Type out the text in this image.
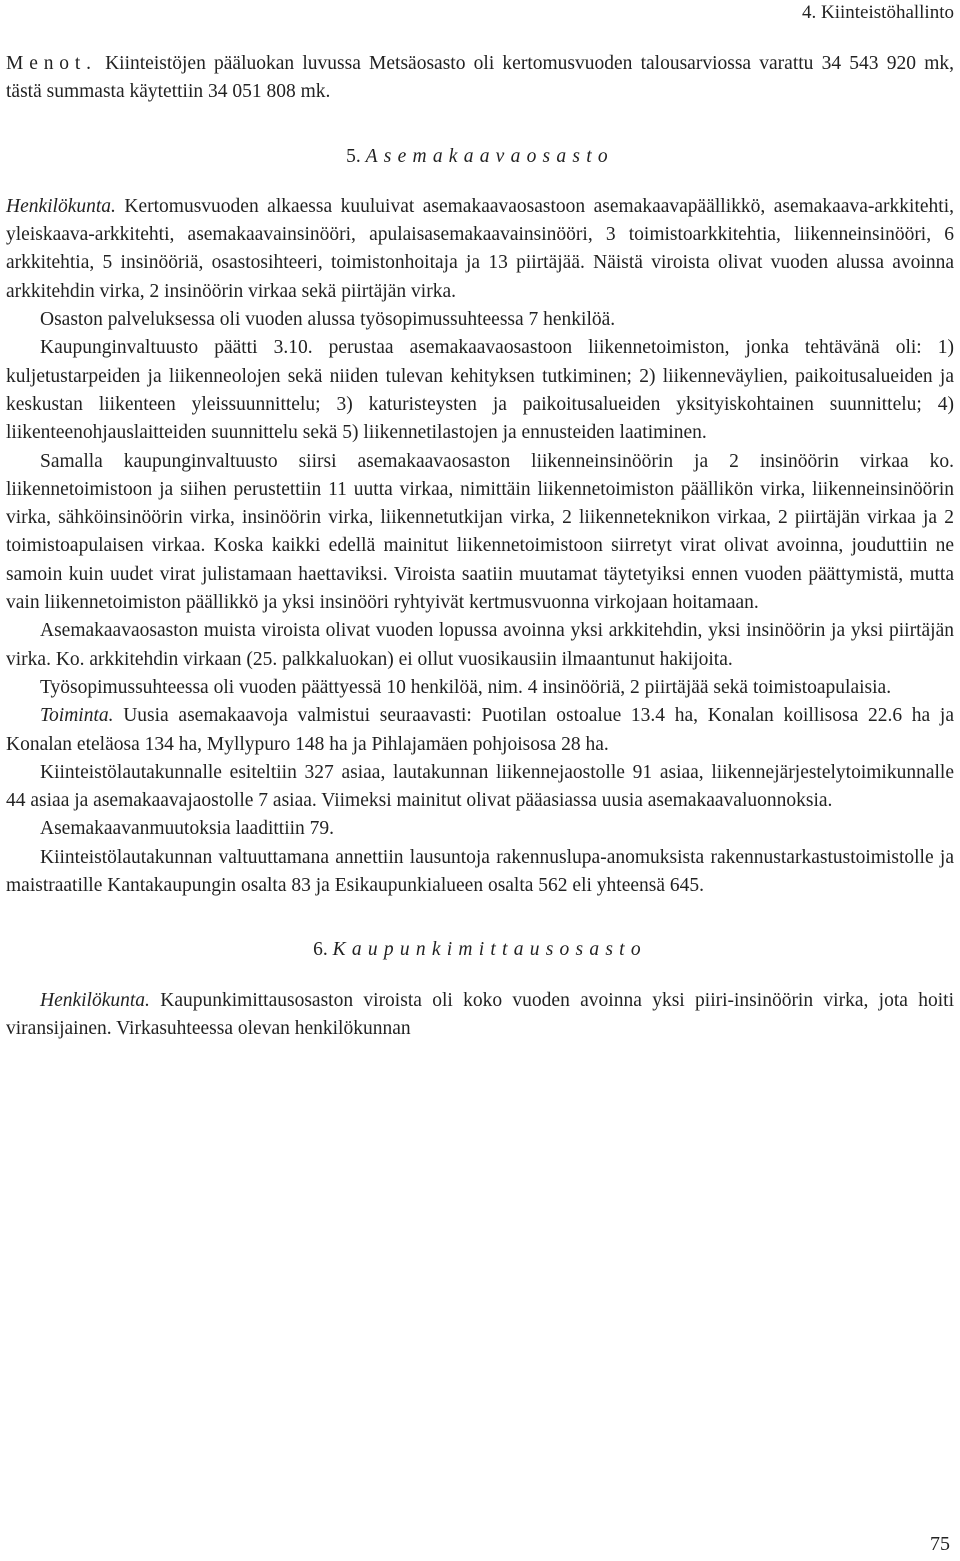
4. Kiinteistöhallinto

Menot. Kiinteistöjen pääluokan luvussa Metsäosasto oli kertomusvuoden talousarviossa varattu 34 543 920 mk, tästä summasta käytettiin 34 051 808 mk.

5. Asemakaavaosasto

Henkilökunta. Kertomusvuoden alkaessa kuuluivat asemakaavaosastoon asemakaavapäällikkö, asemakaava-arkkitehti, yleiskaava-arkkitehti, asemakaavainsinööri, apulaisasemakaavainsinööri, 3 toimistoarkkitehtia, liikenneinsinööri, 6 arkkitehtia, 5 insinööriä, osastosihteeri, toimistonhoitaja ja 13 piirtäjää. Näistä viroista olivat vuoden alussa avoinna arkkitehdin virka, 2 insinöörin virkaa sekä piirtäjän virka.

Osaston palveluksessa oli vuoden alussa työsopimussuhteessa 7 henkilöä.

Kaupunginvaltuusto päätti 3.10. perustaa asemakaavaosastoon liikennetoimiston, jonka tehtävänä oli: 1) kuljetustarpeiden ja liikenneolojen sekä niiden tulevan kehityksen tutkiminen; 2) liikenneväylien, paikoitusalueiden ja keskustan liikenteen yleissuunnittelu; 3) katuristeysten ja paikoitusalueiden yksityiskohtainen suunnittelu; 4) liikenteenohjauslaitteiden suunnittelu sekä 5) liikennetilastojen ja ennusteiden laatiminen.

Samalla kaupunginvaltuusto siirsi asemakaavaosaston liikenneinsinöörin ja 2 insinöörin virkaa ko. liikennetoimistoon ja siihen perustettiin 11 uutta virkaa, nimittäin liikennetoimiston päällikön virka, liikenneinsinöörin virka, sähköinsinöörin virka, insinöörin virka, liikennetutkijan virka, 2 liikenneteknikon virkaa, 2 piirtäjän virkaa ja 2 toimistoapulaisen virkaa. Koska kaikki edellä mainitut liikennetoimistoon siirretyt virat olivat avoinna, jouduttiin ne samoin kuin uudet virat julistamaan haettaviksi. Viroista saatiin muutamat täytetyiksi ennen vuoden päättymistä, mutta vain liikennetoimiston päällikkö ja yksi insinööri ryhtyivät kertmusvuonna virkojaan hoitamaan.

Asemakaavaosaston muista viroista olivat vuoden lopussa avoinna yksi arkkitehdin, yksi insinöörin ja yksi piirtäjän virka. Ko. arkkitehdin virkaan (25. palkkaluokan) ei ollut vuosikausiin ilmaantunut hakijoita.

Työsopimussuhteessa oli vuoden päättyessä 10 henkilöä, nim. 4 insinööriä, 2 piirtäjää sekä toimistoapulaisia.

Toiminta. Uusia asemakaavoja valmistui seuraavasti: Puotilan ostoalue 13.4 ha, Konalan koillisosa 22.6 ha ja Konalan eteläosa 134 ha, Myllypuro 148 ha ja Pihlajamäen pohjoisosa 28 ha.

Kiinteistölautakunnalle esiteltiin 327 asiaa, lautakunnan liikennejaostolle 91 asiaa, liikennejärjestelytoimikunnalle 44 asiaa ja asemakaavajaostolle 7 asiaa. Viimeksi mainitut olivat pääasiassa uusia asemakaavaluonnoksia.

Asemakaavanmuutoksia laadittiin 79.

Kiinteistölautakunnan valtuuttamana annettiin lausuntoja rakennuslupa-anomuksista rakennustarkastustoimistolle ja maistraatille Kantakaupungin osalta 83 ja Esikaupunkialueen osalta 562 eli yhteensä 645.

6. Kaupunkimittausosasto

Henkilökunta. Kaupunkimittausosaston viroista oli koko vuoden avoinna yksi piiri-insinöörin virka, jota hoiti viransijainen. Virkasuhteessa olevan henkilökunnan

75
